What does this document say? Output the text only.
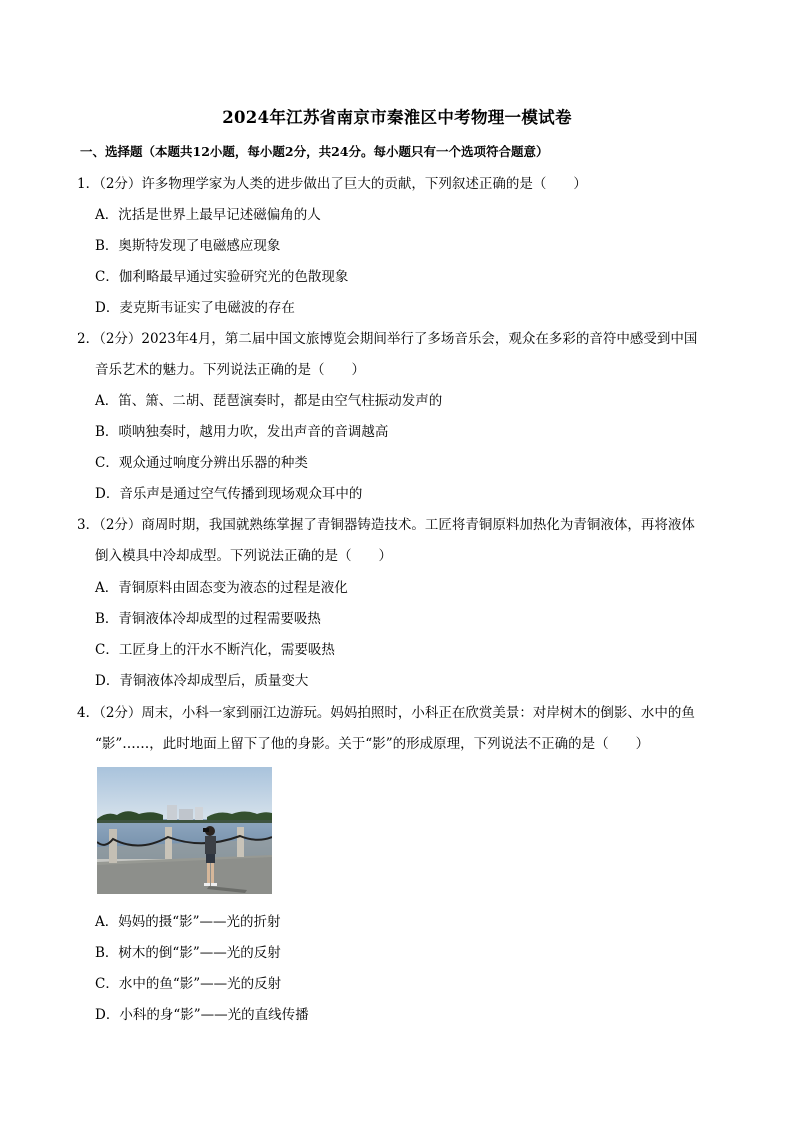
2024年江苏省南京市秦淮区中考物理一模试卷
一、选择题（本题共12小题，每小题2分，共24分。每小题只有一个选项符合题意）
1．（2分）许多物理学家为人类的进步做出了巨大的贡献，下列叙述正确的是（　　）
A．沈括是世界上最早记述磁偏角的人
B．奥斯特发现了电磁感应现象
C．伽利略最早通过实验研究光的色散现象
D．麦克斯韦证实了电磁波的存在
2．（2分）2023年4月，第二届中国文旅博览会期间举行了多场音乐会，观众在多彩的音符中感受到中国
音乐艺术的魅力。下列说法正确的是（　　）
A．笛、箫、二胡、琵琶演奏时，都是由空气柱振动发声的
B．唢呐独奏时，越用力吹，发出声音的音调越高
C．观众通过响度分辨出乐器的种类
D．音乐声是通过空气传播到现场观众耳中的
3．（2分）商周时期，我国就熟练掌握了青铜器铸造技术。工匠将青铜原料加热化为青铜液体，再将液体
倒入模具中冷却成型。下列说法正确的是（　　）
A．青铜原料由固态变为液态的过程是液化
B．青铜液体冷却成型的过程需要吸热
C．工匠身上的汗水不断汽化，需要吸热
D．青铜液体冷却成型后，质量变大
4．（2分）周末，小科一家到丽江边游玩。妈妈拍照时，小科正在欣赏美景：对岸树木的倒影、水中的鱼
“影”……，此时地面上留下了他的身影。关于“影”的形成原理，下列说法不正确的是（　　）
A．妈妈的摄“影”——光的折射
B．树木的倒“影”——光的反射
C．水中的鱼“影”——光的反射
D．小科的身“影”——光的直线传播
